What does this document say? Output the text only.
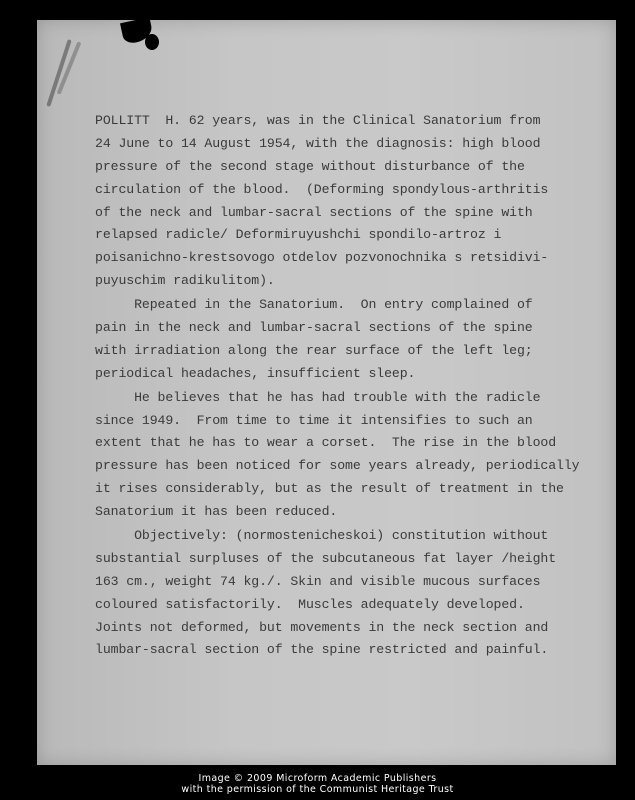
POLLITT  H. 62 years, was in the Clinical Sanatorium from
24 June to 14 August 1954, with the diagnosis: high blood
pressure of the second stage without disturbance of the
circulation of the blood.  (Deforming spondylous-arthritis
of the neck and lumbar-sacral sections of the spine with
relapsed radicle/ Deformiruyushchi spondilo-artroz i
poisanichno-krestsovogo otdelov pozvonochnika s retsidivi-
puyuschim radikulitom).
Repeated in the Sanatorium.  On entry complained of
pain in the neck and lumbar-sacral sections of the spine
with irradiation along the rear surface of the left leg;
periodical headaches, insufficient sleep.
He believes that he has had trouble with the radicle
since 1949.  From time to time it intensifies to such an
extent that he has to wear a corset.  The rise in the blood
pressure has been noticed for some years already, periodically
it rises considerably, but as the result of treatment in the
Sanatorium it has been reduced.
Objectively: (normostenicheskoi) constitution without
substantial surpluses of the subcutaneous fat layer /height
163 cm., weight 74 kg./. Skin and visible mucous surfaces
coloured satisfactorily.  Muscles adequately developed.
Joints not deformed, but movements in the neck section and
lumbar-sacral section of the spine restricted and painful.
Image © 2009 Microform Academic Publishers
with the permission of the Communist Heritage Trust
